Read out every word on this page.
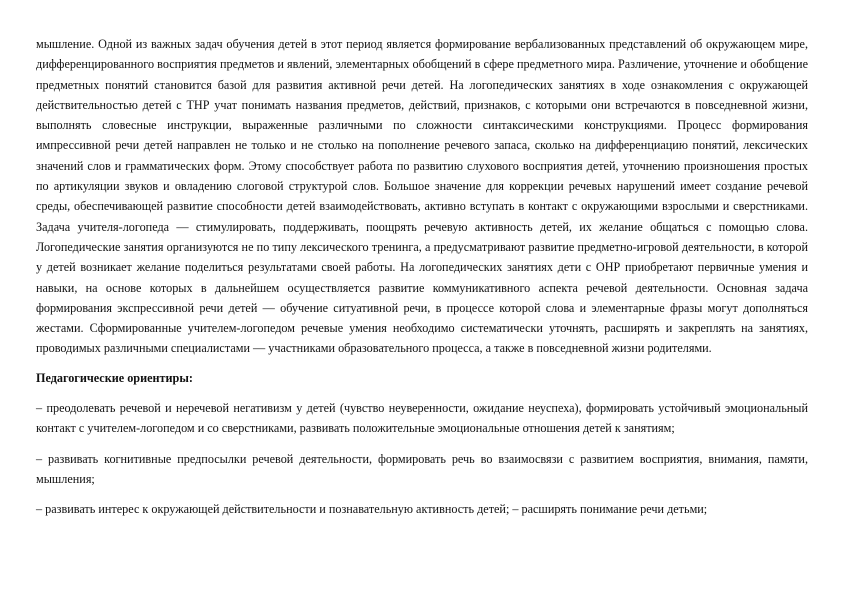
мышление. Одной из важных задач обучения детей в этот период является формирование вербализованных представлений об окружающем мире, дифференцированного восприятия предметов и явлений, элементарных обобщений в сфере предметного мира. Различение, уточнение и обобщение предметных понятий становится базой для развития активной речи детей. На логопедических занятиях в ходе ознакомления с окружающей действительностью детей с ТНР учат понимать названия предметов, действий, признаков, с которыми они встречаются в повседневной жизни, выполнять словесные инструкции, выраженные различными по сложности синтаксическими конструкциями. Процесс формирования импрессивной речи детей направлен не только и не столько на пополнение речевого запаса, сколько на дифференциацию понятий, лексических значений слов и грамматических форм. Этому способствует работа по развитию слухового восприятия детей, уточнению произношения простых по артикуляции звуков и овладению слоговой структурой слов. Большое значение для коррекции речевых нарушений имеет создание речевой среды, обеспечивающей развитие способности детей взаимодействовать, активно вступать в контакт с окружающими взрослыми и сверстниками. Задача учителя-логопеда — стимулировать, поддерживать, поощрять речевую активность детей, их желание общаться с помощью слова. Логопедические занятия организуются не по типу лексического тренинга, а предусматривают развитие предметно-игровой деятельности, в которой у детей возникает желание поделиться результатами своей работы. На логопедических занятиях дети с ОНР приобретают первичные умения и навыки, на основе которых в дальнейшем осуществляется развитие коммуникативного аспекта речевой деятельности. Основная задача формирования экспрессивной речи детей — обучение ситуативной речи, в процессе которой слова и элементарные фразы могут дополняться жестами. Сформированные учителем-логопедом речевые умения необходимо систематически уточнять, расширять и закреплять на занятиях, проводимых различными специалистами — участниками образовательного процесса, а также в повседневной жизни родителями.

Педагогические ориентиры:

– преодолевать речевой и неречевой негативизм у детей (чувство неуверенности, ожидание неуспеха), формировать устойчивый эмоциональный контакт с учителем-логопедом и со сверстниками, развивать положительные эмоциональные отношения детей к занятиям;

– развивать когнитивные предпосылки речевой деятельности, формировать речь во взаимосвязи с развитием восприятия, внимания, памяти, мышления;

– развивать интерес к окружающей действительности и познавательную активность детей; – расширять понимание речи детьми;
